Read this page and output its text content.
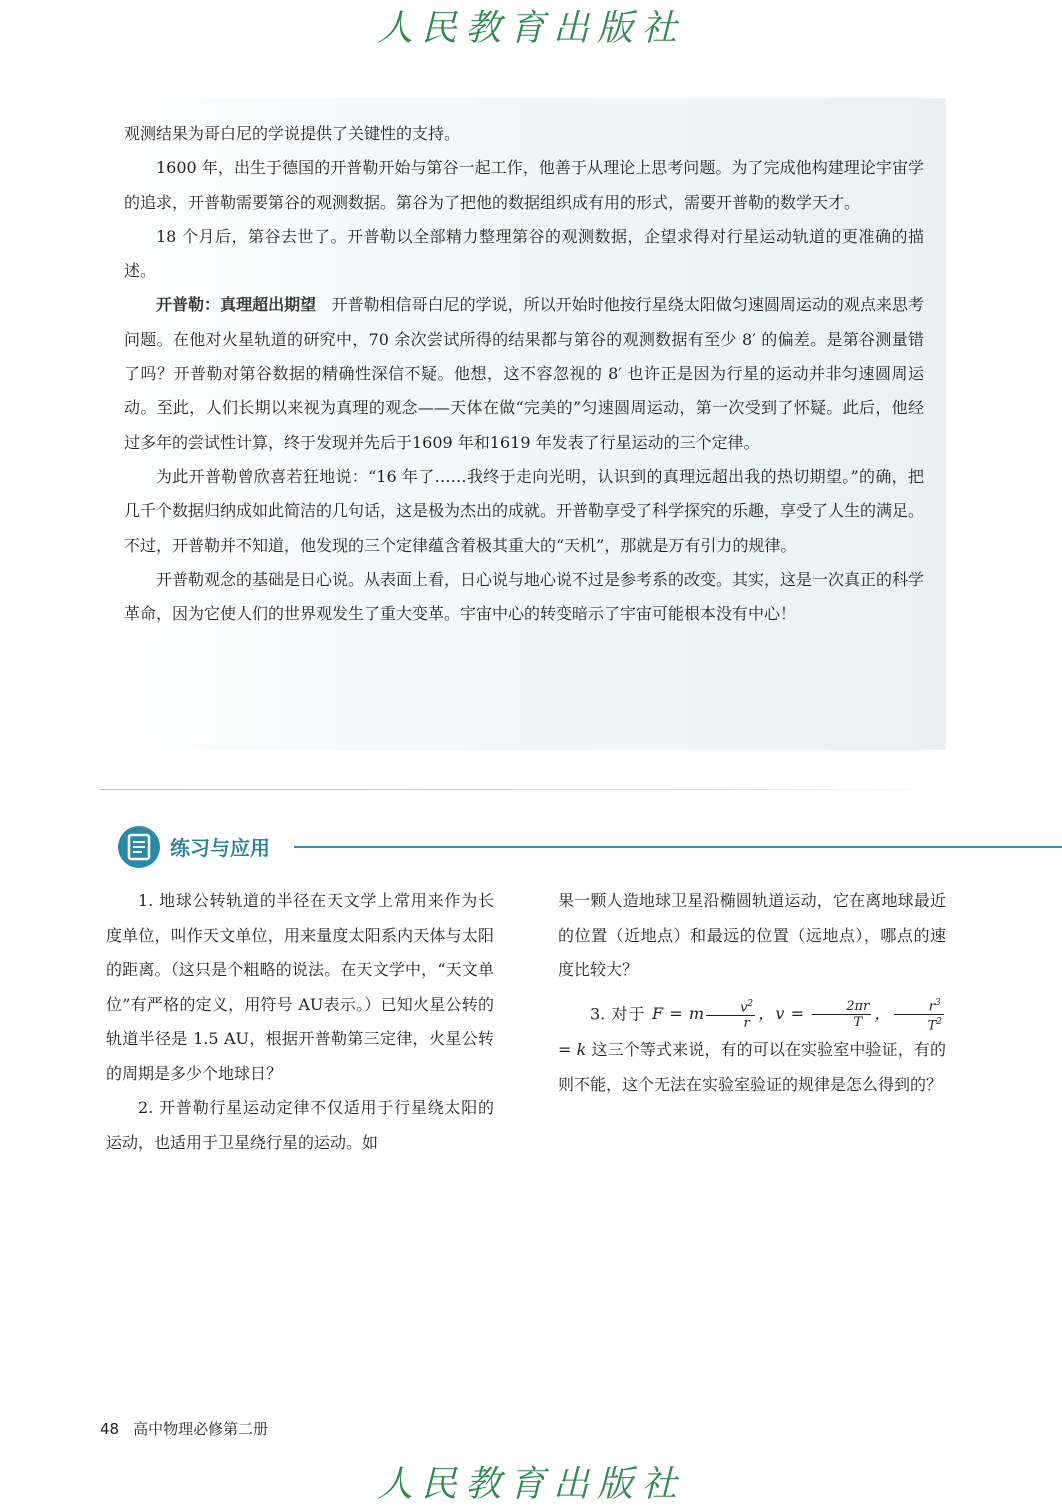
人民教育出版社

观测结果为哥白尼的学说提供了关键性的支持。

1600 年，出生于德国的开普勒开始与第谷一起工作，他善于从理论上思考问题。为了完成他构建理论宇宙学的追求，开普勒需要第谷的观测数据。第谷为了把他的数据组织成有用的形式，需要开普勒的数学天才。

18 个月后，第谷去世了。开普勒以全部精力整理第谷的观测数据，企望求得对行星运动轨道的更准确的描述。

开普勒：真理超出期望 开普勒相信哥白尼的学说，所以开始时他按行星绕太阳做匀速圆周运动的观点来思考问题。在他对火星轨道的研究中，70 余次尝试所得的结果都与第谷的观测数据有至少 8′ 的偏差。是第谷测量错了吗？开普勒对第谷数据的精确性深信不疑。他想，这不容忽视的 8′ 也许正是因为行星的运动并非匀速圆周运动。至此，人们长期以来视为真理的观念——天体在做“完美的”匀速圆周运动，第一次受到了怀疑。此后，他经过多年的尝试性计算，终于发现并先后于1609 年和1619 年发表了行星运动的三个定律。

为此开普勒曾欣喜若狂地说：“16 年了……我终于走向光明，认识到的真理远超出我的热切期望。”的确，把几千个数据归纳成如此简洁的几句话，这是极为杰出的成就。开普勒享受了科学探究的乐趣，享受了人生的满足。不过，开普勒并不知道，他发现的三个定律蕴含着极其重大的“天机”，那就是万有引力的规律。

开普勒观念的基础是日心说。从表面上看，日心说与地心说不过是参考系的改变。其实，这是一次真正的科学革命，因为它使人们的世界观发生了重大变革。宇宙中心的转变暗示了宇宙可能根本没有中心！

练习与应用

1. 地球公转轨道的半径在天文学上常用来作为长度单位，叫作天文单位，用来量度太阳系内天体与太阳的距离。（这只是个粗略的说法。在天文学中，“天文单位”有严格的定义，用符号 AU表示。）已知火星公转的轨道半径是 1.5 AU，根据开普勒第三定律，火星公转的周期是多少个地球日？

2. 开普勒行星运动定律不仅适用于行星绕太阳的运动，也适用于卫星绕行星的运动。如

果一颗人造地球卫星沿椭圆轨道运动，它在离地球最近的位置（近地点）和最远的位置（远地点），哪点的速度比较大？

3. 对于 F = m $\frac{v^2}{r}$ ，$v = \frac{2\pi r}{T}$ ， $\frac{r^3}{T^2}$
= k 这三个等式来说，有的可以在实验室中验证，有的则不能，这个无法在实验室验证的规律是怎么得到的？

48 高中物理必修第二册
人民教育出版社
